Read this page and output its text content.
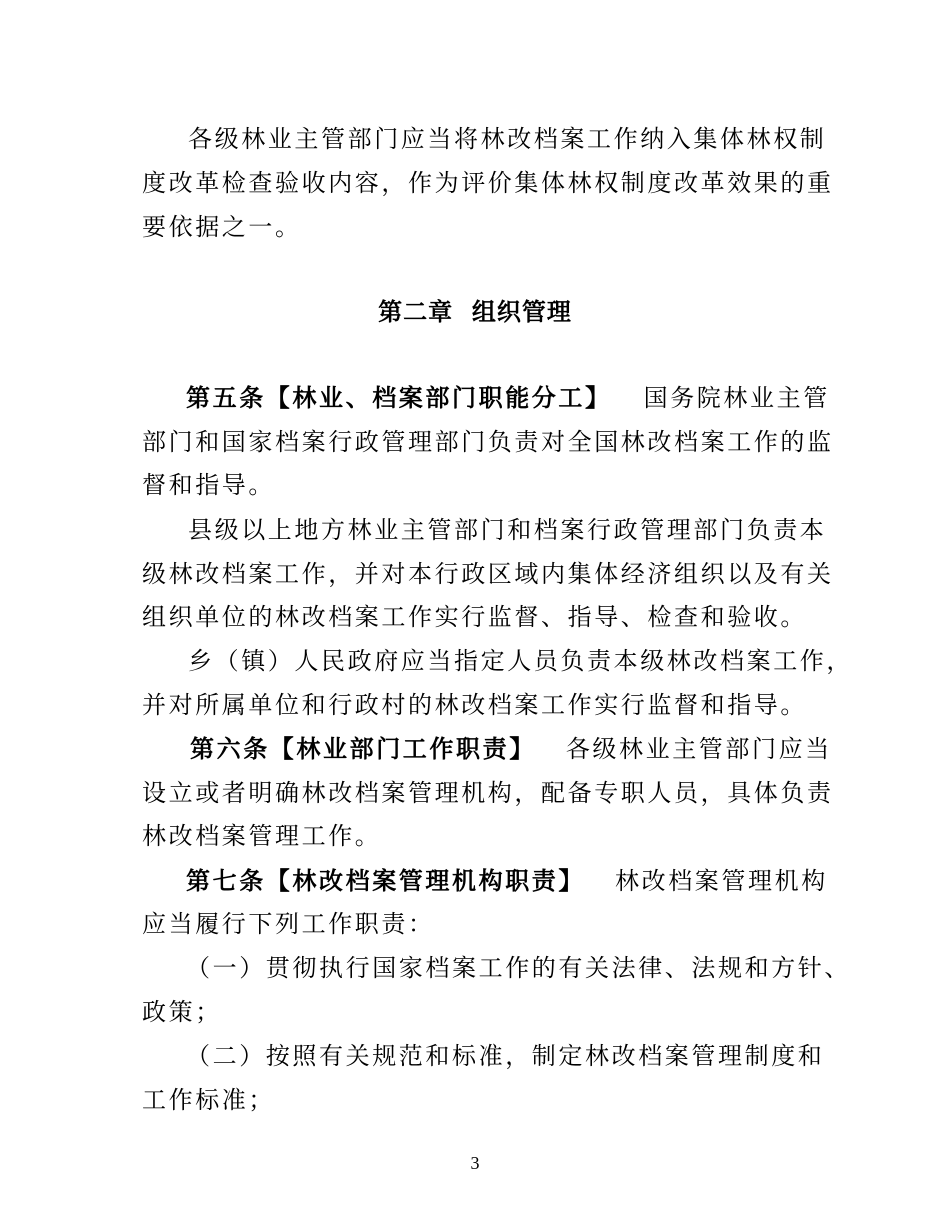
各级林业主管部门应当将林改档案工作纳入集体林权制
度改革检查验收内容，作为评价集体林权制度改革效果的重
要依据之一。
第二章  组织管理
第五条【林业、档案部门职能分工】 国务院林业主管
部门和国家档案行政管理部门负责对全国林改档案工作的监
督和指导。
县级以上地方林业主管部门和档案行政管理部门负责本
级林改档案工作，并对本行政区域内集体经济组织以及有关
组织单位的林改档案工作实行监督、指导、检查和验收。
乡（镇）人民政府应当指定人员负责本级林改档案工作，
并对所属单位和行政村的林改档案工作实行监督和指导。
第六条【林业部门工作职责】 各级林业主管部门应当
设立或者明确林改档案管理机构，配备专职人员，具体负责
林改档案管理工作。
第七条【林改档案管理机构职责】 林改档案管理机构
应当履行下列工作职责：
（一）贯彻执行国家档案工作的有关法律、法规和方针、
政策；
（二）按照有关规范和标准，制定林改档案管理制度和
工作标准；
3
